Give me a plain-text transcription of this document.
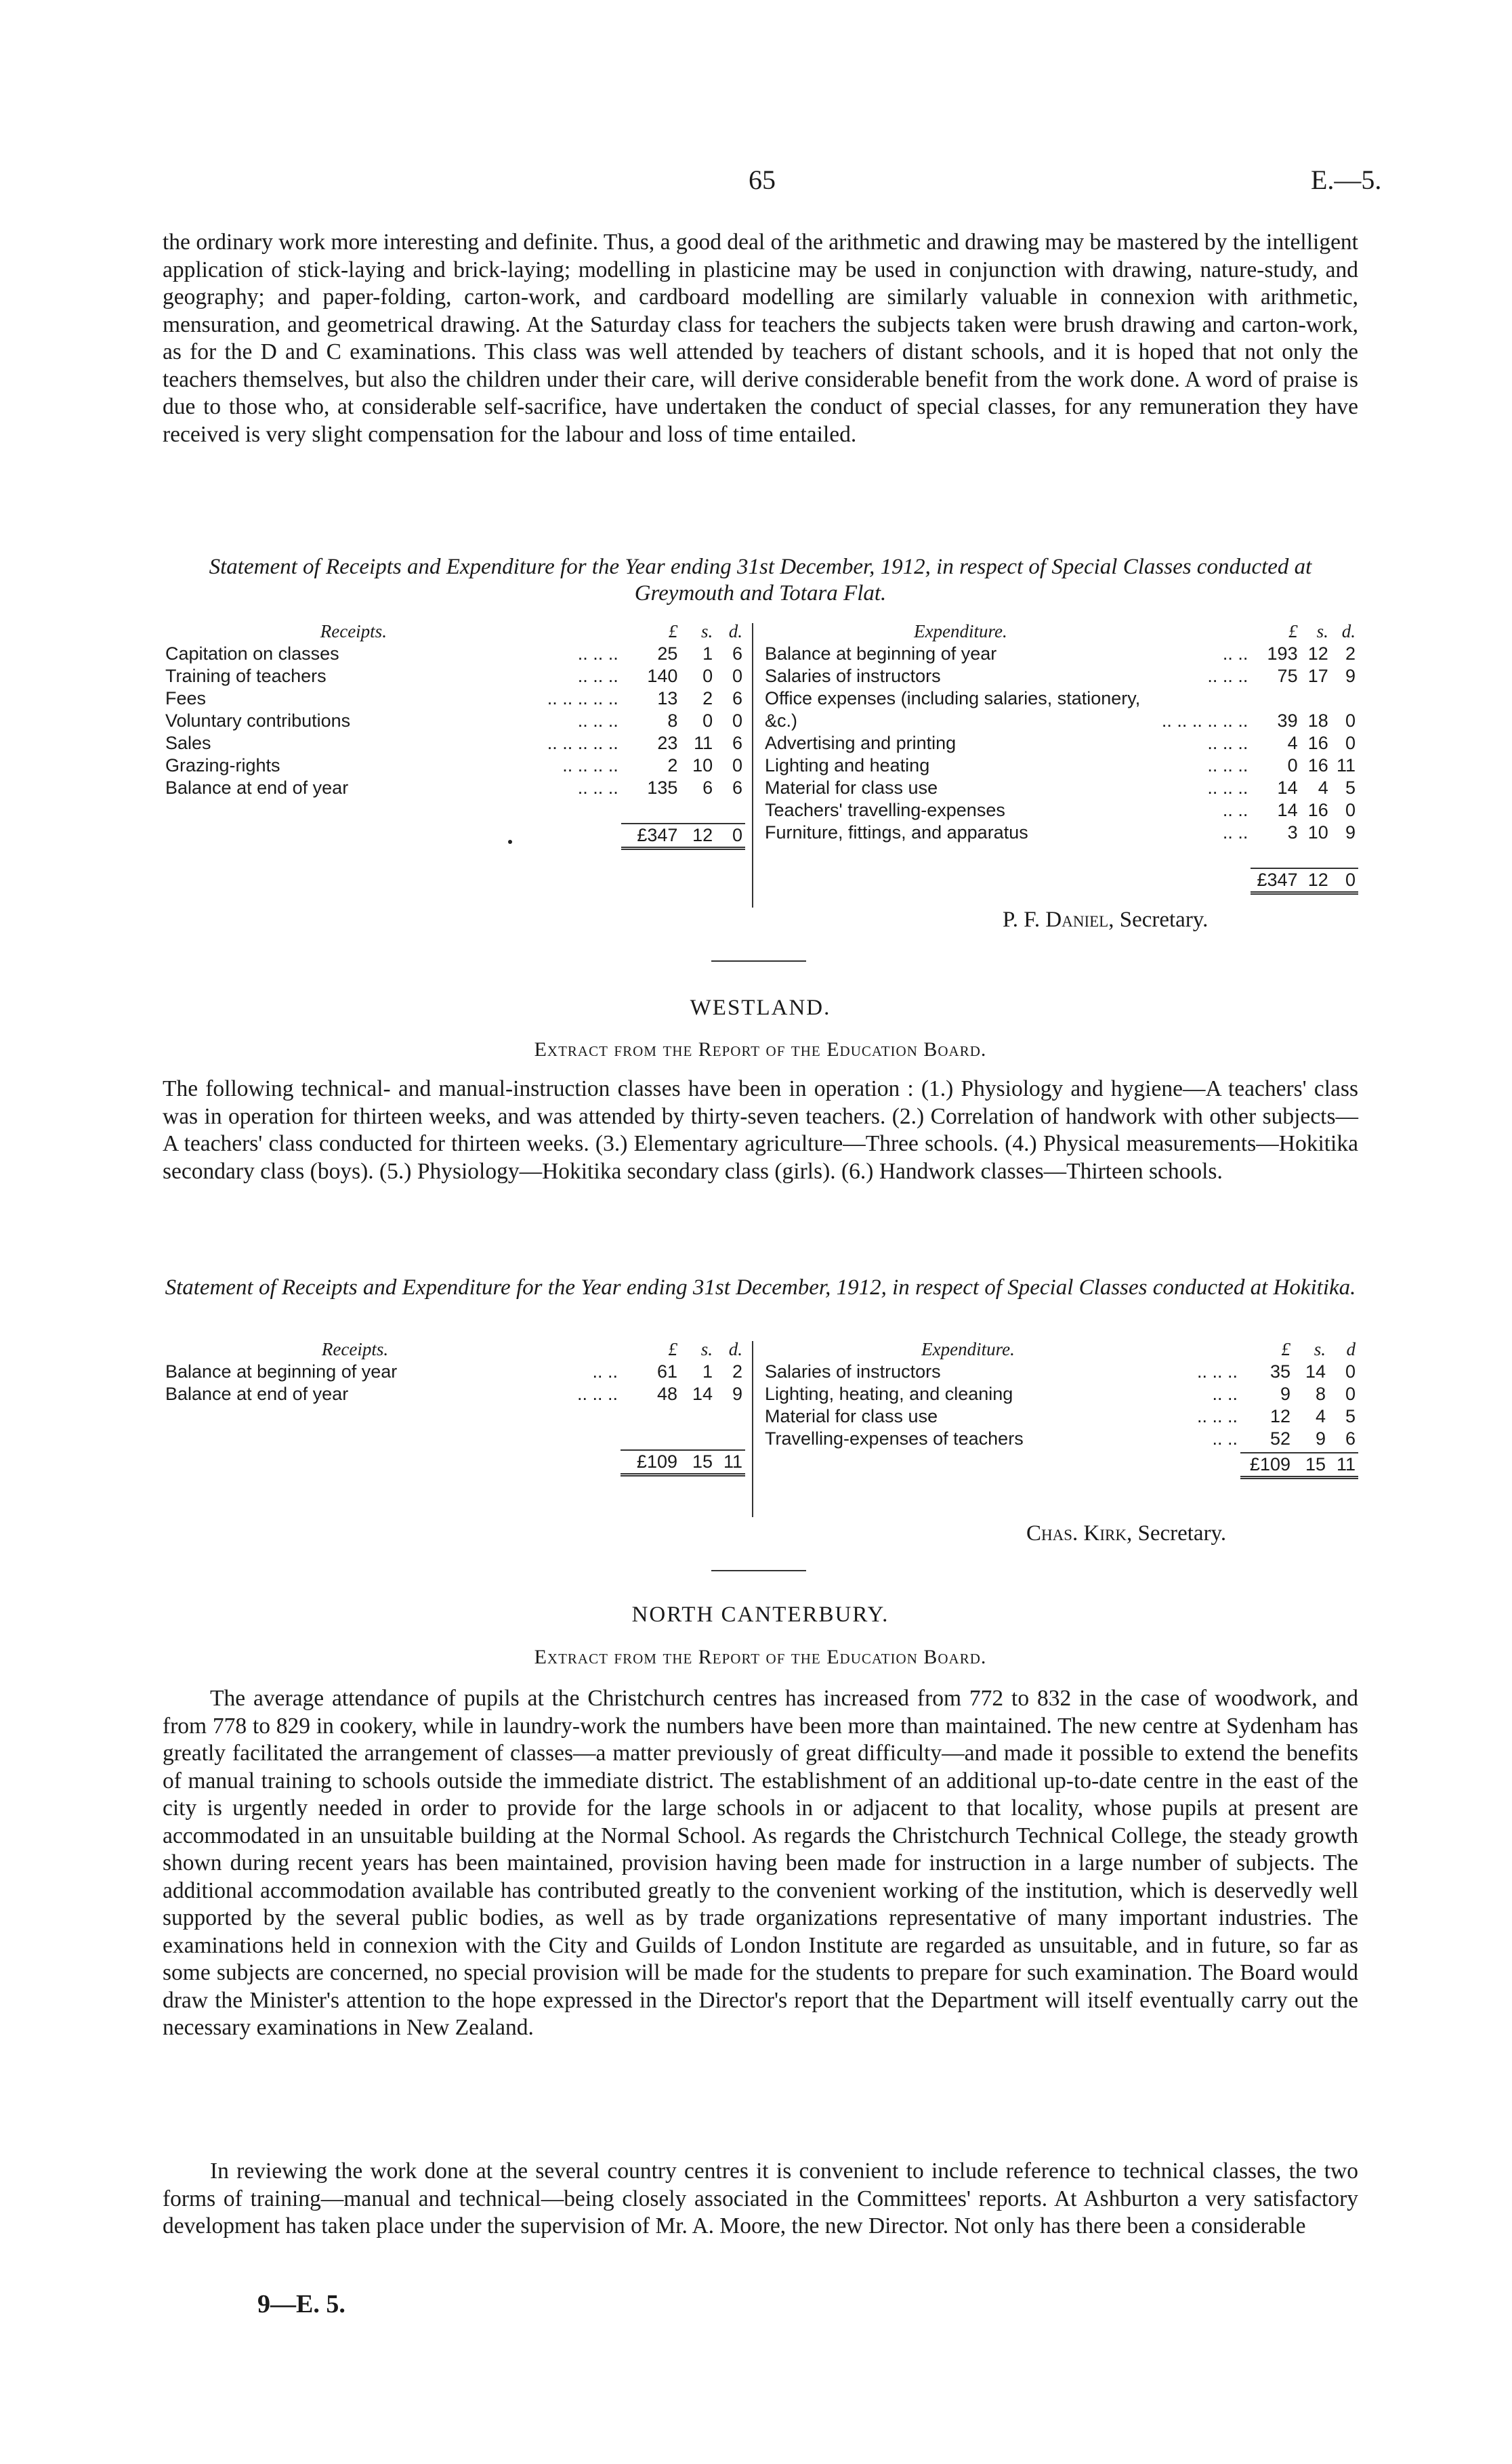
65	E.—5.

the ordinary work more interesting and definite. Thus, a good deal of the arithmetic and drawing may be mastered by the intelligent application of stick-laying and brick-laying; modelling in plasticine may be used in conjunction with drawing, nature-study, and geography; and paper-folding, carton-work, and cardboard modelling are similarly valuable in connexion with arithmetic, mensuration, and geometrical drawing. At the Saturday class for teachers the subjects taken were brush drawing and carton-work, as for the D and C examinations. This class was well attended by teachers of distant schools, and it is hoped that not only the teachers themselves, but also the children under their care, will derive considerable benefit from the work done. A word of praise is due to those who, at considerable self-sacrifice, have undertaken the conduct of special classes, for any remuneration they have received is very slight compensation for the labour and loss of time entailed.

Statement of Receipts and Expenditure for the Year ending 31st December, 1912, in respect of Special Classes conducted at Greymouth and Totara Flat.
Receipts.		£	s.	d.
Capitation on classes	.. .. ..	25	1	6
Training of teachers	.. .. ..	140	0	0
Fees	.. .. .. .. ..	13	2	6
Voluntary contributions	.. .. ..	8	0	0
Sales	.. .. .. .. ..	23	11	6
Grazing-rights	.. .. .. ..	2	10	0
Balance at end of year	.. .. ..	135	6	6

		£347	12	0
Expenditure.		£	s.	d.
Balance at beginning of year	.. ..	193	12	2
Salaries of instructors	.. .. ..	75	17	9
Office expenses (including salaries, stationery,				
&c.)	.. .. .. .. .. ..	39	18	0
Advertising and printing	.. .. ..	4	16	0
Lighting and heating	.. .. ..	0	16	11
Material for class use	.. .. ..	14	4	5
Teachers' travelling-expenses	.. ..	14	16	0
Furniture, fittings, and apparatus	.. ..	3	10	9

		£347	12	0
P. F. Daniel, Secretary.
WESTLAND.
Extract from the Report of the Education Board.

The following technical- and manual-instruction classes have been in operation : (1.) Physiology and hygiene—A teachers' class was in operation for thirteen weeks, and was attended by thirty-seven teachers. (2.) Correlation of handwork with other subjects—A teachers' class conducted for thirteen weeks. (3.) Elementary agriculture—Three schools. (4.) Physical measurements—Hokitika secondary class (boys). (5.) Physiology—Hokitika secondary class (girls). (6.) Handwork classes—Thirteen schools.

Statement of Receipts and Expenditure for the Year ending 31st December, 1912, in respect of Special Classes conducted at Hokitika.
Receipts.		£	s.	d.
Balance at beginning of year	.. ..	61	1	2
Balance at end of year	.. .. ..	48	14	9

		£109	15	11
Expenditure.		£	s.	d
Salaries of instructors	.. .. ..	35	14	0
Lighting, heating, and cleaning	.. ..	9	8	0
Material for class use	.. .. ..	12	4	5
Travelling-expenses of teachers	.. ..	52	9	6

		£109	15	11
Chas. Kirk, Secretary.
NORTH CANTERBURY.
Extract from the Report of the Education Board.

The average attendance of pupils at the Christchurch centres has increased from 772 to 832 in the case of woodwork, and from 778 to 829 in cookery, while in laundry-work the numbers have been more than maintained. The new centre at Sydenham has greatly facilitated the arrangement of classes—a matter previously of great difficulty—and made it possible to extend the benefits of manual training to schools outside the immediate district. The establishment of an additional up-to-date centre in the east of the city is urgently needed in order to provide for the large schools in or adjacent to that locality, whose pupils at present are accommodated in an unsuitable building at the Normal School. As regards the Christchurch Technical College, the steady growth shown during recent years has been maintained, provision having been made for instruction in a large number of subjects. The additional accommodation available has contributed greatly to the convenient working of the institution, which is deservedly well supported by the several public bodies, as well as by trade organizations representative of many important industries. The examinations held in connexion with the City and Guilds of London Institute are regarded as unsuitable, and in future, so far as some subjects are concerned, no special provision will be made for the students to prepare for such examination. The Board would draw the Minister's attention to the hope expressed in the Director's report that the Department will itself eventually carry out the necessary examinations in New Zealand.

In reviewing the work done at the several country centres it is convenient to include reference to technical classes, the two forms of training—manual and technical—being closely associated in the Committees' reports. At Ashburton a very satisfactory development has taken place under the supervision of Mr. A. Moore, the new Director. Not only has there been a considerable

9—E. 5.
